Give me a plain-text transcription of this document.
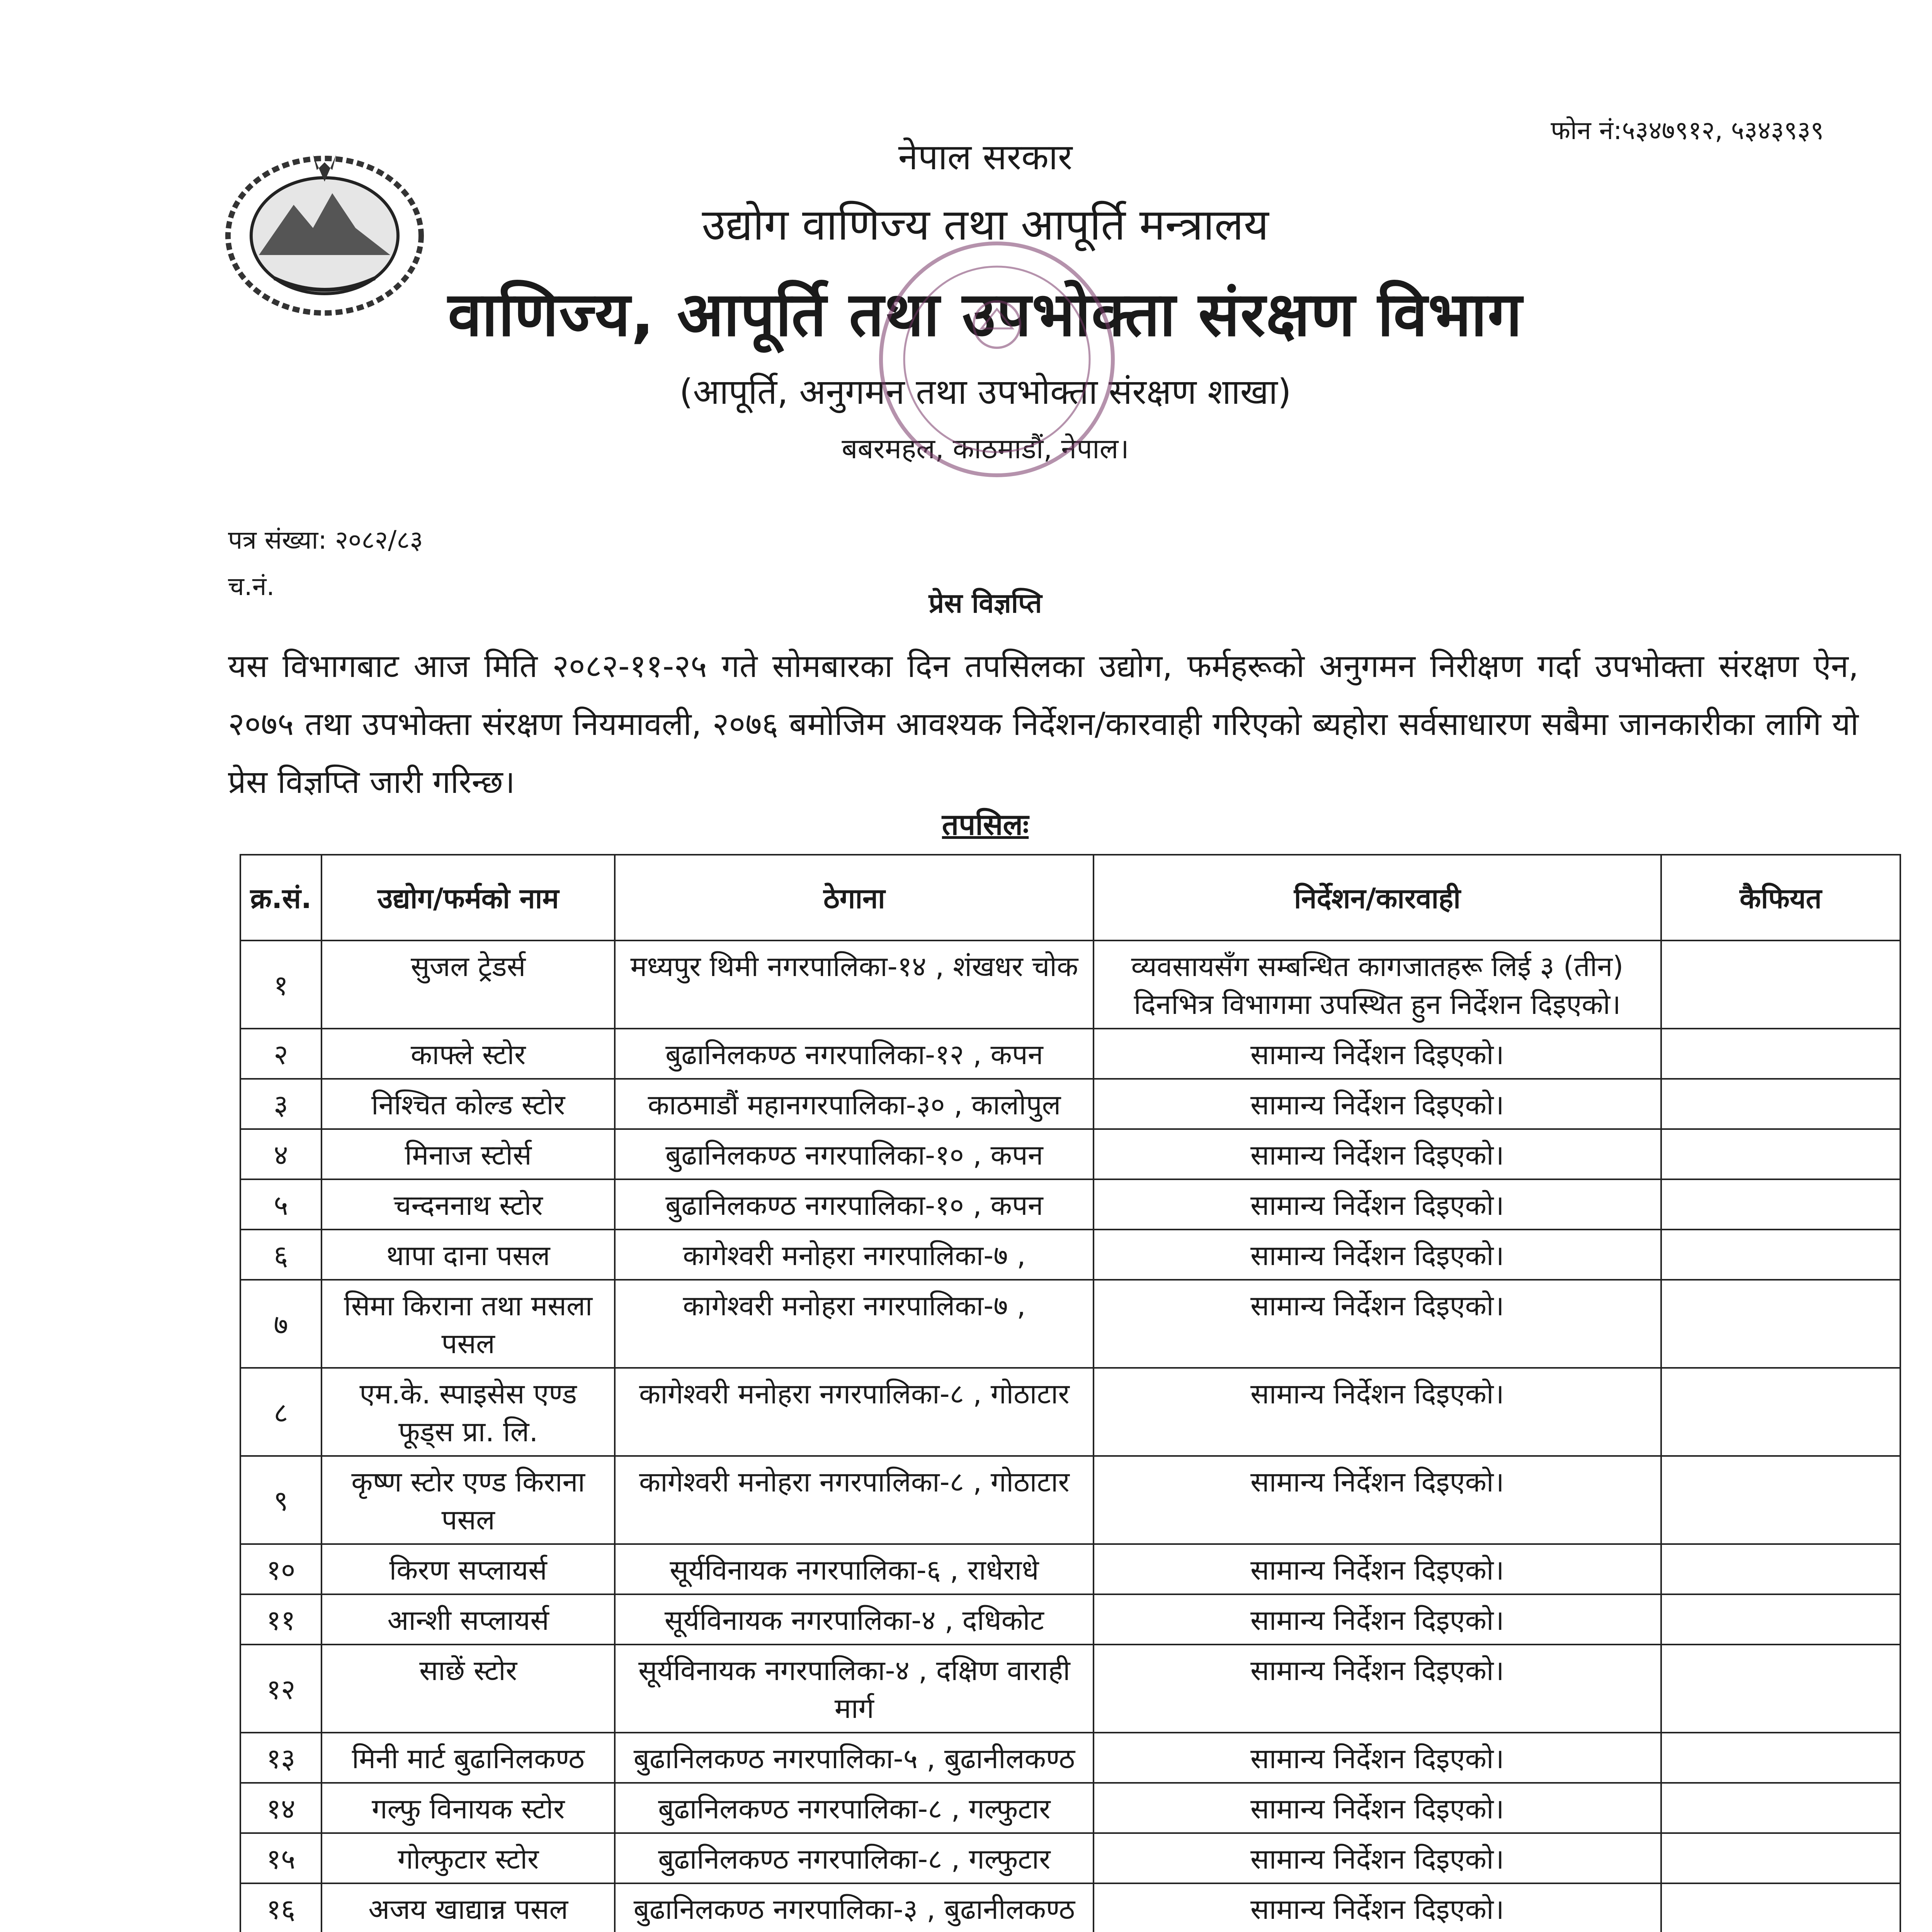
फोन नं:५३४७९१२, ५३४३९३९
नेपाल सरकार
उद्योग वाणिज्य तथा आपूर्ति मन्त्रालय
वाणिज्य, आपूर्ति तथा उपभोक्ता संरक्षण विभाग
(आपूर्ति, अनुगमन तथा उपभोक्ता संरक्षण शाखा)
बबरमहल, काठमाडौं, नेपाल।
पत्र संख्या: २०८२/८३
च.नं.
प्रेस विज्ञप्ति
यस विभागबाट आज मिति २०८२-११-२५ गते सोमबारका दिन तपसिलका उद्योग, फर्महरूको अनुगमन निरीक्षण गर्दा उपभोक्ता संरक्षण ऐन, २०७५ तथा उपभोक्ता संरक्षण नियमावली, २०७६ बमोजिम आवश्यक निर्देशन/कारवाही गरिएको ब्यहोरा सर्वसाधारण सबैमा जानकारीका लागि यो प्रेस विज्ञप्ति जारी गरिन्छ।
तपसिलः
क्र.सं.	उद्योग/फर्मको नाम	ठेगाना	निर्देशन/कारवाही	कैफियत
१	सुजल ट्रेडर्स	मध्यपुर थिमी नगरपालिका-१४ , शंखधर चोक	व्यवसायसँग सम्बन्धित कागजातहरू लिई ३ (तीन) दिनभित्र विभागमा उपस्थित हुन निर्देशन दिइएको।	
२	काफ्ले स्टोर	बुढानिलकण्ठ नगरपालिका-१२ , कपन	सामान्य निर्देशन दिइएको।	
३	निश्चित कोल्ड स्टोर	काठमाडौं महानगरपालिका-३० , कालोपुल	सामान्य निर्देशन दिइएको।	
४	मिनाज स्टोर्स	बुढानिलकण्ठ नगरपालिका-१० , कपन	सामान्य निर्देशन दिइएको।	
५	चन्दननाथ स्टोर	बुढानिलकण्ठ नगरपालिका-१० , कपन	सामान्य निर्देशन दिइएको।	
६	थापा दाना पसल	कागेश्वरी मनोहरा नगरपालिका-७ ,	सामान्य निर्देशन दिइएको।	
७	सिमा किराना तथा मसला पसल	कागेश्वरी मनोहरा नगरपालिका-७ ,	सामान्य निर्देशन दिइएको।	
८	एम.के. स्पाइसेस एण्ड फूड्स प्रा. लि.	कागेश्वरी मनोहरा नगरपालिका-८ , गोठाटार	सामान्य निर्देशन दिइएको।	
९	कृष्ण स्टोर एण्ड किराना पसल	कागेश्वरी मनोहरा नगरपालिका-८ , गोठाटार	सामान्य निर्देशन दिइएको।	
१०	किरण सप्लायर्स	सूर्यविनायक नगरपालिका-६ , राधेराधे	सामान्य निर्देशन दिइएको।	
११	आन्शी सप्लायर्स	सूर्यविनायक नगरपालिका-४ , दधिकोट	सामान्य निर्देशन दिइएको।	
१२	साछें स्टोर	सूर्यविनायक नगरपालिका-४ , दक्षिण वाराही मार्ग	सामान्य निर्देशन दिइएको।	
१३	मिनी मार्ट बुढानिलकण्ठ	बुढानिलकण्ठ नगरपालिका-५ , बुढानीलकण्ठ	सामान्य निर्देशन दिइएको।	
१४	गल्फु विनायक स्टोर	बुढानिलकण्ठ नगरपालिका-८ , गल्फुटार	सामान्य निर्देशन दिइएको।	
१५	गोल्फुटार स्टोर	बुढानिलकण्ठ नगरपालिका-८ , गल्फुटार	सामान्य निर्देशन दिइएको।	
१६	अजय खाद्यान्न पसल	बुढानिलकण्ठ नगरपालिका-३ , बुढानीलकण्ठ	सामान्य निर्देशन दिइएको।	
